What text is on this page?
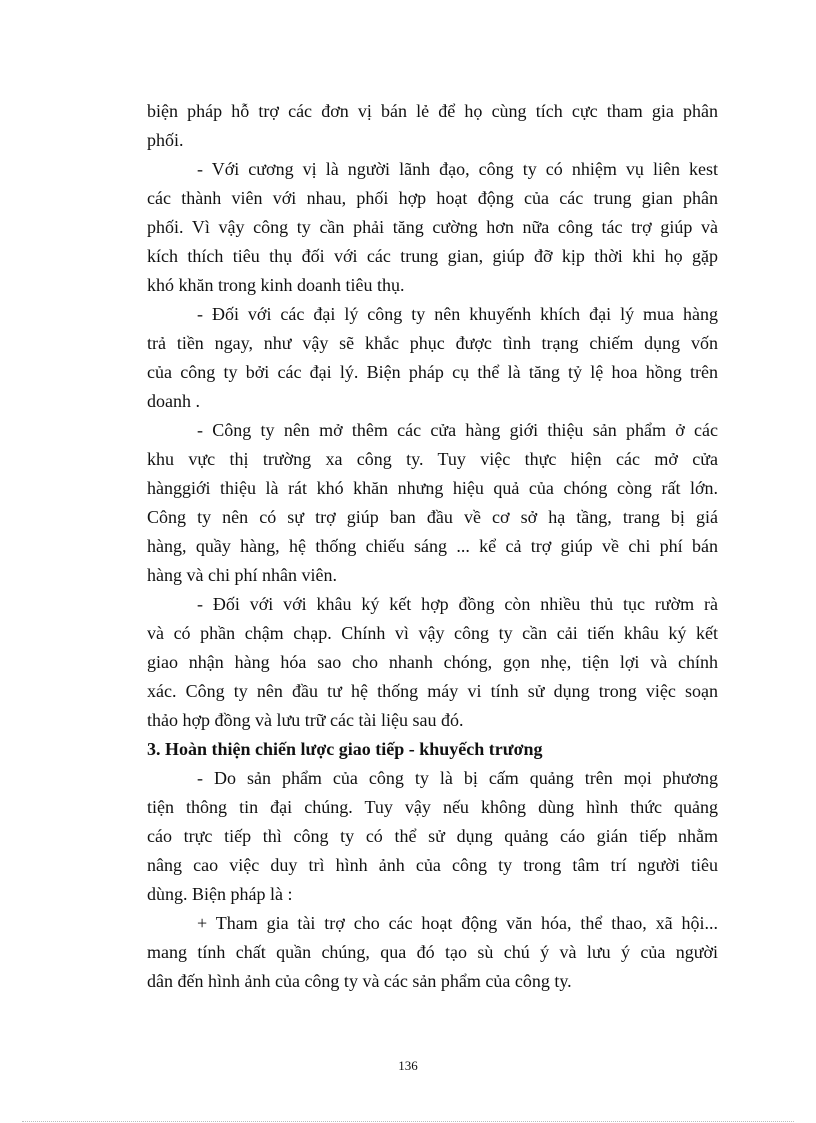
biện pháp hỗ trợ các đơn vị bán lẻ để họ cùng tích cực tham gia phân
phối.
- Với cương vị là người lãnh đạo, công ty có nhiệm vụ liên kest
các thành viên với nhau, phối hợp hoạt động của các trung gian phân
phối. Vì vậy công ty cần phải tăng cường hơn nữa công tác trợ giúp và
kích thích tiêu thụ đối với các trung gian, giúp đỡ kịp thời khi họ gặp
khó khăn trong kinh doanh tiêu thụ.
- Đối với các đại lý công ty nên khuyếnh khích đại lý mua hàng
trả tiền ngay, như vậy sẽ khắc phục được tình trạng chiếm dụng vốn
của công ty bởi các đại lý. Biện pháp cụ thể là tăng tỷ lệ hoa hồng trên
doanh .
- Công ty nên mở thêm các cửa hàng giới thiệu sản phẩm ở các
khu vực thị trường xa công ty. Tuy việc thực hiện các mở cửa
hànggiới thiệu là rát khó khăn nhưng hiệu quả của chóng còng rất lớn.
Công ty nên có sự trợ giúp ban đầu về cơ sở hạ tầng, trang bị giá
hàng, quầy hàng, hệ thống chiếu sáng ... kể cả trợ giúp về chi phí bán
hàng và chi phí nhân viên.
- Đối với với khâu ký kết hợp đồng còn nhiều thủ tục rườm rà
và có phần chậm chạp. Chính vì vậy công ty cần cải tiến khâu ký kết
giao nhận hàng hóa sao cho nhanh chóng, gọn nhẹ, tiện lợi và chính
xác. Công ty nên đầu tư hệ thống máy vi tính sử dụng trong việc soạn
thảo hợp đồng và lưu trữ các tài liệu sau đó.
3. Hoàn thiện chiến lược giao tiếp - khuyếch trương
- Do sản phẩm của công ty là bị cấm quảng trên mọi phương
tiện thông tin đại chúng. Tuy vậy nếu không dùng hình thức quảng
cáo trực tiếp thì công ty có thể sử dụng quảng cáo gián tiếp nhằm
nâng cao việc duy trì hình ảnh của công ty trong tâm trí người tiêu
dùng. Biện pháp là :
+ Tham gia tài trợ cho các hoạt động văn hóa, thể thao, xã hội...
mang tính chất quần chúng, qua đó tạo sù chú ý và lưu ý của người
dân đến hình ảnh của công ty và các sản phẩm của công ty.
136
